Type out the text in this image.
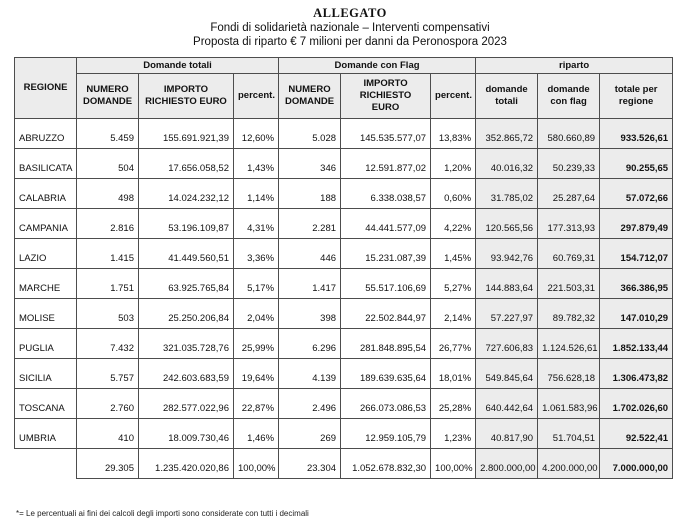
ALLEGATO
Fondi di solidarietà nazionale – Interventi compensativi
Proposta di riparto € 7 milioni per danni da Peronospora 2023
REGIONE	Domande totali			Domande con Flag			riparto		
	NUMERO DOMANDE	IMPORTO RICHIESTO EURO	percent.	NUMERO DOMANDE	IMPORTO RICHIESTO EURO	percent.	domande totali	domande con flag	totale per regione
ABRUZZO	5.459	155.691.921,39	12,60%	5.028	145.535.577,07	13,83%	352.865,72	580.660,89	933.526,61
BASILICATA	504	17.656.058,52	1,43%	346	12.591.877,02	1,20%	40.016,32	50.239,33	90.255,65
CALABRIA	498	14.024.232,12	1,14%	188	6.338.038,57	0,60%	31.785,02	25.287,64	57.072,66
CAMPANIA	2.816	53.196.109,87	4,31%	2.281	44.441.577,09	4,22%	120.565,56	177.313,93	297.879,49
LAZIO	1.415	41.449.560,51	3,36%	446	15.231.087,39	1,45%	93.942,76	60.769,31	154.712,07
MARCHE	1.751	63.925.765,84	5,17%	1.417	55.517.106,69	5,27%	144.883,64	221.503,31	366.386,95
MOLISE	503	25.250.206,84	2,04%	398	22.502.844,97	2,14%	57.227,97	89.782,32	147.010,29
PUGLIA	7.432	321.035.728,76	25,99%	6.296	281.848.895,54	26,77%	727.606,83	1.124.526,61	1.852.133,44
SICILIA	5.757	242.603.683,59	19,64%	4.139	189.639.635,64	18,01%	549.845,64	756.628,18	1.306.473,82
TOSCANA	2.760	282.577.022,96	22,87%	2.496	266.073.086,53	25,28%	640.442,64	1.061.583,96	1.702.026,60
UMBRIA	410	18.009.730,46	1,46%	269	12.959.105,79	1,23%	40.817,90	51.704,51	92.522,41
	29.305	1.235.420.020,86	100,00%	23.304	1.052.678.832,30	100,00%	2.800.000,00	4.200.000,00	7.000.000,00
*= Le percentuali ai fini dei calcoli degli importi sono considerate con tutti i decimali
